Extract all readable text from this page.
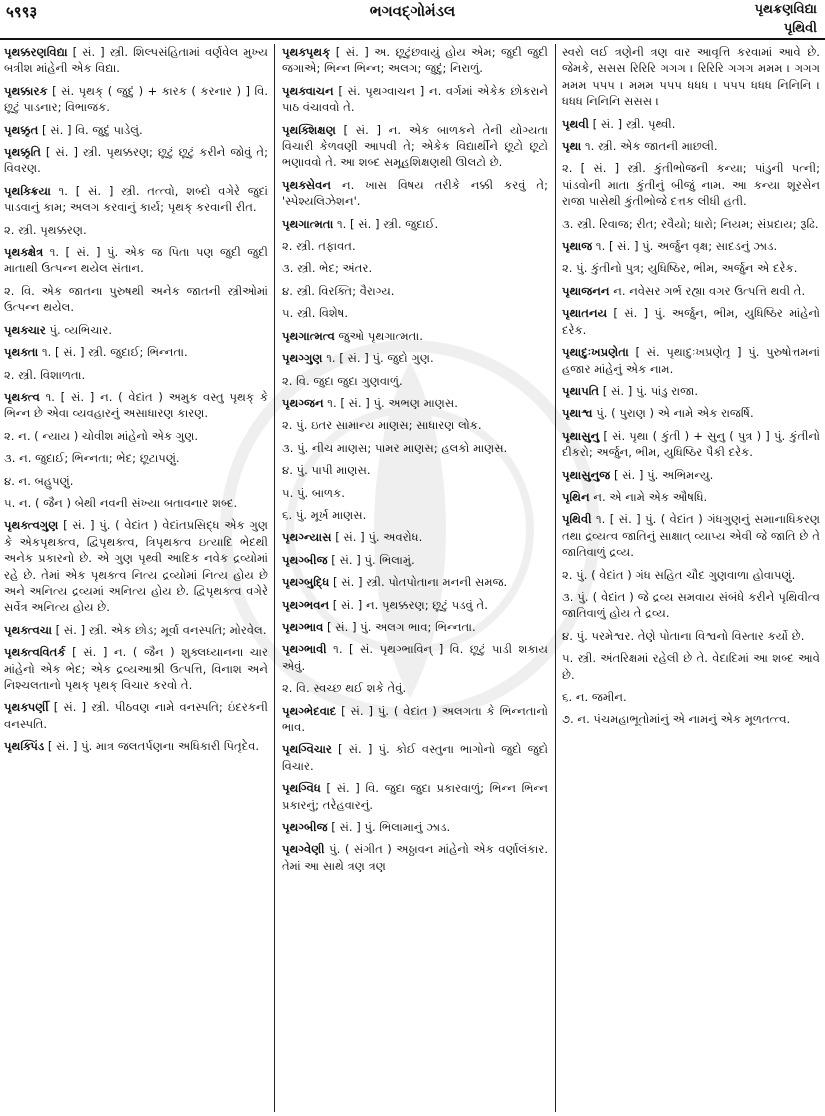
५९९३	ભગવદ્ગોમંડલ	પૃથક્રણવિદ્યા
પૃથિવી
પૃથક્કરણવિદ્યા [ સં. ] સ્ત્રી. શિલ્પસંહિતામાં વર્ણવેલ મુખ્ય બત્રીશ માંહેની એક વિદ્યા.
પૃથક્કારક [ સં. પૃથક્ ( જુદું ) + કારક ( કરનાર ) ] વિ. છૂટું પાડનાર; વિભાજક.
પૃથક્કૃત [ સં. ] વિ. જુદું પાડેલું.
પૃથક્કૃતિ [ સં. ] સ્ત્રી. પૃથક્કરણ; છૂટું છૂટું કરીને જોવું તે; વિવરણ.
પૃથક્ક્રિયા ૧. [ સં. ] સ્ત્રી. તત્ત્વો, શબ્દો વગેરે જુદાં પાડવાનું કામ; અલગ કરવાનું કાર્ય; પૃથક્ કરવાની રીત.
૨. સ્ત્રી. પૃથક્કરણ.
પૃથક્ક્ષેત્ર ૧. [ સં. ] પું. એક જ પિતા પણ જુદી જુદી માતાથી ઉત્પન્ન થયેલ સંતાન.
૨. વિ. એક જાતના પુરુષથી અનેક જાતની સ્ત્રીઓમાં ઉત્પન્ન થયેલ.
પૃથક્ચાર પું. વ્યભિચાર.
પૃથક્તા ૧. [ સં. ] સ્ત્રી. જુદાઈ; ભિન્નતા.
૨. સ્ત્રી. વિશાળતા.
પૃથક્ત્વ ૧. [ સં. ] ન. ( વેદાંત ) અમુક વસ્તુ પૃથક્ કે ભિન્ન છે એવા વ્યવહારનું અસાધારણ કારણ.
૨. ન. ( ન્યાય ) ચોવીશ માંહેનો એક ગુણ.
૩. ન. જુદાઈ; ભિન્નતા; ભેદ; છૂટાપણું.
૪. ન. બહુપણું.
૫. ન. ( જૈન ) બેથી નવની સંખ્યા બતાવનાર શબ્દ.
પૃથક્ત્વગુણ [ સં. ] પું. ( વેદાંત ) વેદાંતપ્રસિદ્ધ એક ગુણ કે એકપૃથક્ત્વ, દ્વિપૃથક્ત્વ, ત્રિપૃથક્ત્વ ઇત્યાદિ ભેદથી અનેક પ્રકારનો છે. એ ગુણ પૃથ્વી આદિક નવેક દ્રવ્યોમાં રહે છે. તેમાં એક પૃથક્ત્વ નિત્ય દ્રવ્યોમાં નિત્ય હોય છે અને અનિત્ય દ્રવ્યમાં અનિત્ય હોય છે. દ્વિપૃથક્ત્વ વગેરે સર્વેત્ર અનિત્ય હોય છે.
પૃથક્ત્વચા [ સં. ] સ્ત્રી. એક છોડ; મૂર્વા વનસ્પતિ; મોરવેલ.
પૃથક્ત્વવિતર્ક [ સં. ] ન. ( જૈન ) શુક્લધ્યાનના ચાર માંહેનો એક ભેદ; એક દ્રવ્યઆશ્રી ઉત્પત્તિ, વિનાશ અને નિશ્ચલતાનો પૃથક્ પૃથક્ વિચાર કરવો તે.
પૃથક્પર્ણી [ સં. ] સ્ત્રી. પીઠવણ નામે વનસ્પતિ; ઇંદરકની વનસ્પતિ.
પૃથક્પિંડ [ સં. ] પું. માત્ર જલતર્પણના અધિકારી પિતૃદેવ.
પૃથક્પૃથક્ [ સં. ] અ. છૂટુંછવાયું હોય એમ; જુદી જુદી જગાએ; ભિન્ન ભિન્ન; અલગ; જુદું; નિરાળું.
પૃથક્વાચન [ સં. પૃથગ્વાચન ] ન. વર્ગમાં એકેક છોકરાને પાઠ વંચાવવો તે.
પૃથક્શિક્ષણ [ સં. ] ન. એક બાળકને તેની યોગ્યતા વિચારી કેળવણી આપવી તે; એકેક વિદ્યાર્થીને છૂટો છૂટો ભણાવવો તે. આ શબ્દ સમૂહશિક્ષણથી ઊલટો છે.
પૃથક્સેવન ન. ખાસ વિષય તરીકે નક્કી કરવું તે; 'સ્પેશ્યલિઝેશન'.
પૃથગાત્મતા ૧. [ સં. ] સ્ત્રી. જુદાઈ.
૨. સ્ત્રી. તફાવત.
૩. સ્ત્રી. ભેદ; અંતર.
૪. સ્ત્રી. વિરક્તિ; વૈરાગ્ય.
૫. સ્ત્રી. વિશેષ.
પૃથગાત્મત્વ જુઓ પૃથગાત્મતા.
પૃથગ્ગુણ ૧. [ સં. ] પું. જુદો ગુણ.
૨. વિ. જુદા જુદા ગુણવાળું.
પૃથગ્જન ૧. [ સં. ] પું. અભણ માણસ.
૨. પું. ઇતર સામાન્ય માણસ; સાધારણ લોક.
૩. પું. નીચ માણસ; પામર માણસ; હલકો માણસ.
૪. પું. પાપી માણસ.
૫. પું. બાળક.
૬. પું. મૂર્ખ માણસ.
પૃથગ્ન્યાસ [ સં. ] પું. અવરોધ.
પૃથગ્બીજ [ સં. ] પું. ભિલામું.
પૃથગ્બુદ્ધિ [ સં. ] સ્ત્રી. પોતપોતાના મનની સમજ.
પૃથગ્ભવન [ સં. ] ન. પૃથક્કરણ; છૂટું પડવું તે.
પૃથગ્ભાવ [ સં. ] પું. અલગ ભાવ; ભિન્નતા.
પૃથગ્ભાવી ૧. [ સં. પૃથગ્ભાવિન્ ] વિ. છૂટું પાડી શકાય એવું.
૨. વિ. સ્વચ્છ થઈ શકે તેવું.
પૃથગ્ભેદવાદ [ સં. ] પું. ( વેદાંત ) અલગતા કે ભિન્નતાનો ભાવ.
પૃથગ્વિચાર [ સં. ] પું. કોઈ વસ્તુના ભાગોનો જુદો જુદો વિચાર.
પૃથગ્વિધ [ સં. ] વિ. જુદા જુદા પ્રકારવાળું; ભિન્ન ભિન્ન પ્રકારનું; તરેહવારનું.
પૃથગ્બીજ [ સં. ] પું. ભિલામાનું ઝાડ.
પૃથગ્વેણી પું. ( સંગીત ) અઠ્ઠાવન માંહેનો એક વર્ણાલંકાર. તેમાં આ સાથે ત્રણ ત્રણ
સ્વરો લઈ ત્રણેની ત્રણ વાર આવૃત્તિ કરવામાં આવે છે. જેમકે, સસસ રિરિરિ ગગગ । રિરિરિ ગગગ મમમ । ગગગ મમમ પપપ । મમમ પપપ ધધધ । પપપ ધધધ નિનિનિ । ધધધ નિનિનિ સસસ ।
પૃથવી [ સં. ] સ્ત્રી. પૃથ્વી.
પૃથા ૧. સ્ત્રી. એક જાતની માછલી.
૨. [ સં. ] સ્ત્રી. કુંતીભોજની કન્યા; પાંડુની પત્ની; પાંડવોની માતા કુંતીનું બીજું નામ. આ કન્યા શૂરસેન રાજા પાસેથી કુંતીભોજે દત્તક લીધી હતી.
૩. સ્ત્રી. રિવાજ; રીત; રવૈયો; ધારો; નિયમ; સંપ્રદાય; રૂઢિ.
પૃથાજ ૧. [ સં. ] પું. અર્જુન વૃક્ષ; સાદડનું ઝાડ.
૨. પું. કુંતીનો પુત્ર; યુધિષ્ઠિર, ભીમ, અર્જુન એ દરેક.
પૃથાજનન ન. નવેસર ગર્ભ રહ્યા વગર ઉત્પત્તિ થવી તે.
પૃથાતનય [ સં. ] પું. અર્જુન, ભીમ, યુધિષ્ઠિર માંહેનો દરેક.
પૃથાદુઃખપ્રણેતા [ સં. પૃથાદુઃખપ્રણેતૃ ] પું. પુરુષોત્તમનાં હજાર માંહેનું એક નામ.
પૃથાપતિ [ સં. ] પું. પાંડુ રાજા.
પૃથાશ્વ પું. ( પુરાણ ) એ નામે એક રાજર્ષિ.
પૃથાસુનુ [ સં. પૃથા ( કુંતી ) + સુનુ ( પુત્ર ) ] પું. કુંતીનો દીકરો; અર્જુન, ભીમ, યુધિષ્ઠિર પૈકી દરેક.
પૃથાસુનુજ [ સં. ] પું. અભિમન્યુ.
પૃથિન ન. એ નામે એક ઔષધિ.
પૃથિવી ૧. [ સં. ] પું. ( વેદાંત ) ગંધગુણનું સમાનાધિકરણ તથા દ્રવ્યત્વ જાતિનું સાક્ષાત્ વ્યાપ્ય એવી જે જાતિ છે તે જાતિવાળું દ્રવ્ય.
૨. પું. ( વેદાંત ) ગંધ સહિત ચૌદ ગુણવાળા હોવાપણું.
૩. પું. ( વેદાંત ) જે દ્રવ્ય સમવાય સંબંધે કરીને પૃથિવીત્વ જાતિવાળું હોય તે દ્રવ્ય.
૪. પું. પરમેશ્વર. તેણે પોતાના વિશ્વનો વિસ્તાર કર્યો છે.
૫. સ્ત્રી. અંતરિક્ષમાં રહેલી છે તે. વેદાદિમાં આ શબ્દ આવે છે.
૬. ન. જમીન.
૭. ન. પંચમહાભૂતોમાંનું એ નામનું એક મૂળતત્ત્વ.
